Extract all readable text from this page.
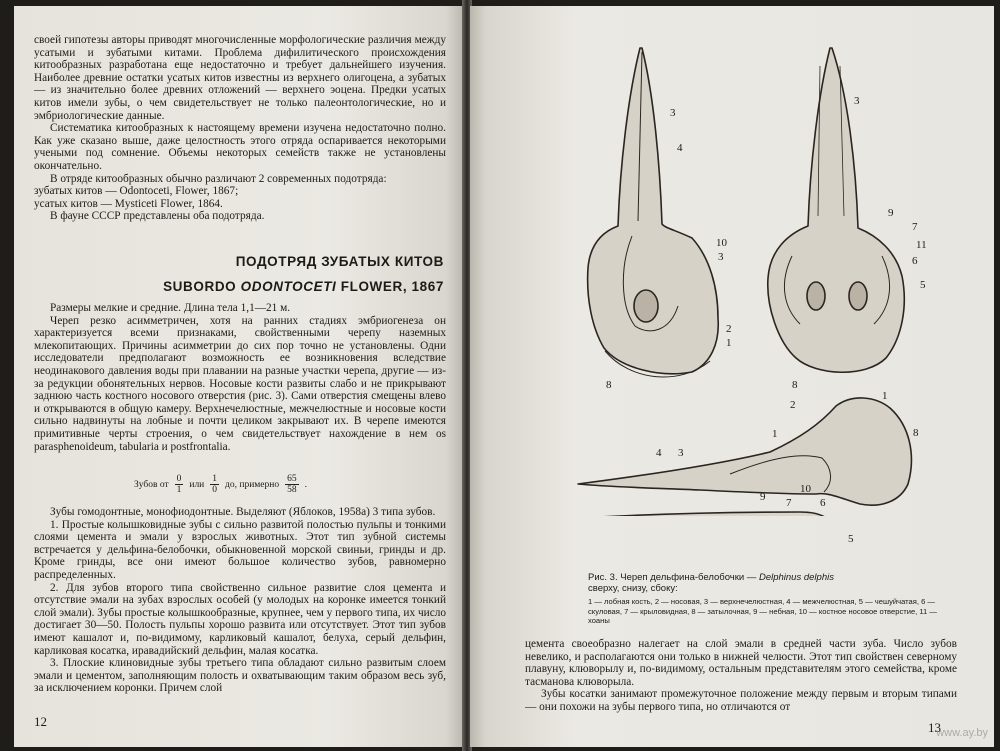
своей гипотезы авторы приводят многочисленные морфологические различия между усатыми и зубатыми китами. Проблема дифилитического происхождения китообразных разработана еще недостаточно и требует дальнейшего изучения. Наиболее древние остатки усатых китов известны из верхнего олигоцена, а зубатых — из значительно более древних отложений — верхнего эоцена. Предки усатых китов имели зубы, о чем свидетельствует не только палеонтологические, но и эмбриологические данные.

Систематика китообразных к настоящему времени изучена недостаточно полно. Как уже сказано выше, даже целостность этого отряда оспаривается некоторыми учеными под сомнение. Объемы некоторых семейств также не установлены окончательно.

В отряде китообразных обычно различают 2 современных подотряда:

зубатых китов — Odontoceti, Flower, 1867;

усатых китов — Mysticeti Flower, 1864.

В фауне СССР представлены оба подотряда.

ПОДОТРЯД ЗУБАТЫХ КИТОВ
SUBORDO ODONTOCETI FLOWER, 1867

Размеры мелкие и средние. Длина тела 1,1—21 м.

Череп резко асимметричен, хотя на ранних стадиях эмбриогенеза он характеризуется всеми признаками, свойственными черепу наземных млекопитающих. Причины асимметрии до сих пор точно не установлены. Одни исследователи предполагают возможность ее возникновения вследствие неодинакового давления воды при плавании на разные участки черепа, другие — из-за редукции обонятельных нервов. Носовые кости развиты слабо и не прикрывают заднюю часть костного носового отверстия (рис. 3). Сами отверстия смещены влево и открываются в общую камеру. Верхнечелюстные, межчелюстные и носовые кости сильно надвинуты на лобные и почти целиком закрывают их. В черепе имеются примитивные черты строения, о чем свидетельствует нахождение в нем os parasphenoideum, tabularia и postfrontalia.

Зубов от $\frac{0}{1}$ или $\frac{1}{0}$ до, примерно $\frac{65}{58}$ .

Зубы гомодонтные, монофиодонтные. Выделяют (Яблоков, 1958а) 3 типа зубов.

1. Простые колышковидные зубы с сильно развитой полостью пульпы и тонкими слоями цемента и эмали у взрослых животных. Этот тип зубной системы встречается у дельфина-белобочки, обыкновенной морской свиньи, гринды и др. Кроме гринды, все они имеют большое количество зубов, равномерно распределенных.

2. Для зубов второго типа свойственно сильное развитие слоя цемента и отсутствие эмали на зубах взрослых особей (у молодых на коронке имеется тонкий слой эмали). Зубы простые колышкообразные, крупнее, чем у первого типа, их число достигает 30—50. Полость пульпы хорошо развита или отсутствует. Этот тип зубов имеют кашалот и, по-видимому, карликовый кашалот, белуха, серый дельфин, карликовая косатка, иравадийский дельфин, малая косатка.

3. Плоские клиновидные зубы третьего типа обладают сильно развитым слоем эмали и цементом, заполняющим полость и охватывающим таким образом весь зуб, за исключением коронки. Причем слой

12
3
4
10
3
2
1
8
3
9
7
11
6
5
8
2
1
1	8
4 3
9 7	6
10
5
Рис. 3. Череп дельфина-белобочки — Delphinus delphis
сверху, снизу, сбоку:
1 — лобная кость, 2 — носовая, 3 — верхнечелюстная, 4 — межчелюстная, 5 — чешуйчатая, 6 — скуловая, 7 — крыловидная, 8 — затылочная, 9 — небная, 10 — костное носовое отверстие, 11 — хоаны

цемента своеобразно налегает на слой эмали в средней части зуба. Число зубов невелико, и располагаются они только в нижней челюсти. Этот тип свойствен северному плавуну, клюворылу и, по-видимому, остальным представителям этого семейства, кроме тасманова клюворыла.

Зубы косатки занимают промежуточное положение между первым и вторым типами — они похожи на зубы первого типа, но отличаются от

13
www.ay.by
